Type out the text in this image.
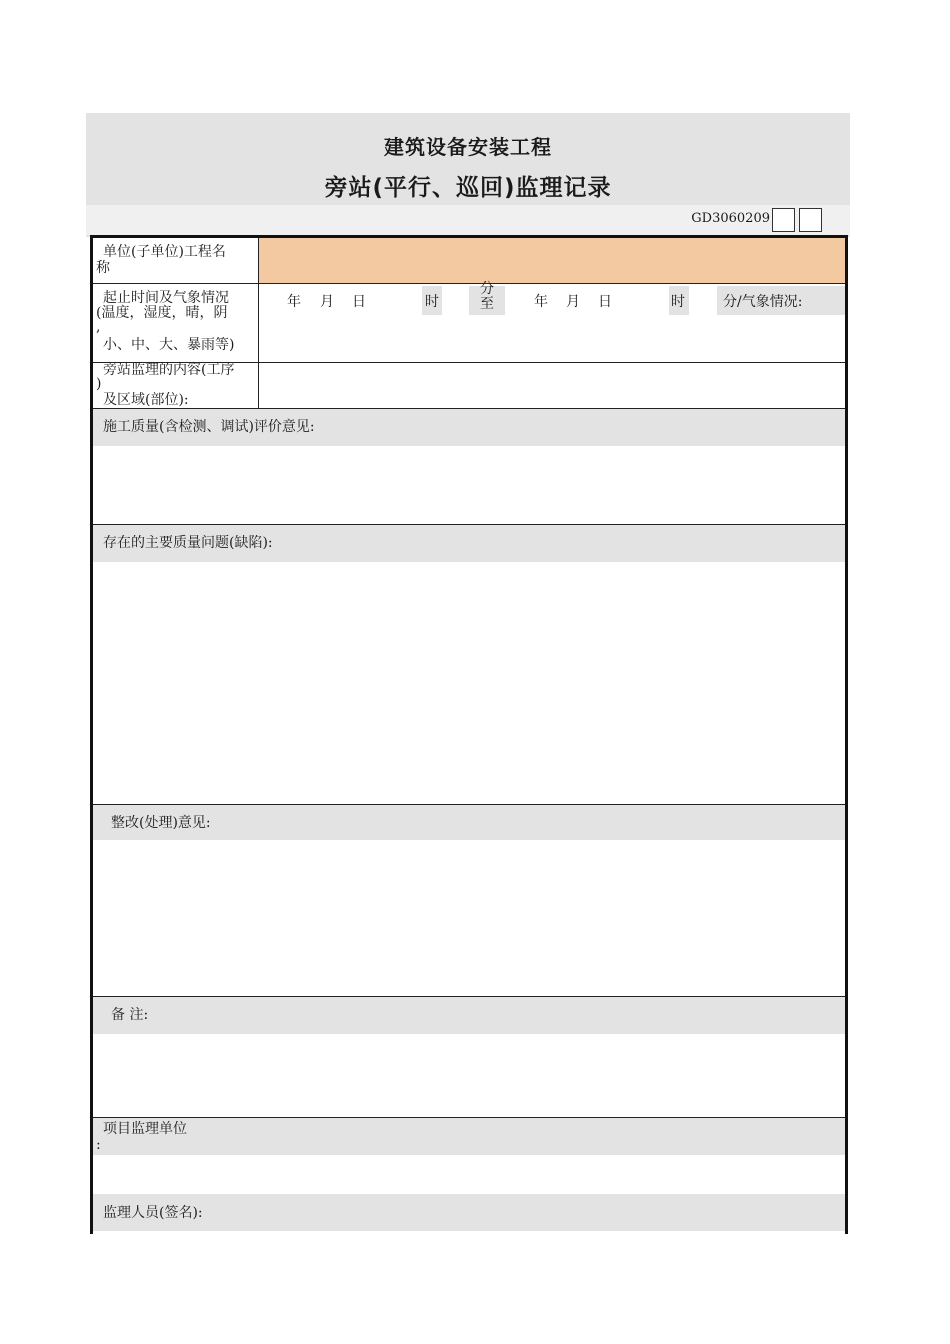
建筑设备安装工程
旁站(平行、巡回)监理记录
GD3060209
单位(子单位)工程名
称
起止时间及气象情况
(温度，湿度，晴，阴
,
小、中、大、暴雨等)
年 月 日	时
分
至	年 月 日	时	分/气象情况:
旁站监理的内容(工序
)
及区域(部位):
施工质量(含检测、调试)评价意见:
存在的主要质量问题(缺陷):
整改(处理)意见:
备 注:
项目监理单位
:
监理人员(签名):
